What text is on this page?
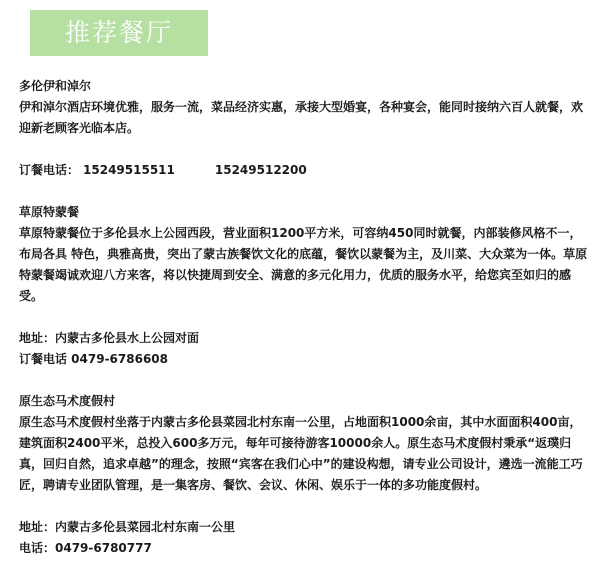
推荐餐厅

多伦伊和淖尔

伊和淖尔酒店环境优雅，服务一流，菜品经济实惠，承接大型婚宴，各种宴会，能同时接纳六百人就餐，欢迎新老顾客光临本店。

订餐电话： 15249515511	15249512200

草原特蒙餐

草原特蒙餐位于多伦县水上公园西段，营业面积1200平方米，可容纳450同时就餐，内部装修风格不一，布局各具 特色，典雅高贵，突出了蒙古族餐饮文化的底蕴，餐饮以蒙餐为主，及川菜、大众菜为一体。草原特蒙餐竭诚欢迎八方来客，将以快捷周到安全、满意的多元化用力，优质的服务水平，给您宾至如归的感受。

地址：内蒙古多伦县水上公园对面

订餐电话 0479-6786608

原生态马术度假村

原生态马术度假村坐落于内蒙古多伦县菜园北村东南一公里，占地面积1000余亩，其中水面面积400亩，建筑面积2400平米，总投入600多万元，每年可接待游客10000余人。原生态马术度假村秉承“返璞归真，回归自然，追求卓越”的理念，按照“宾客在我们心中”的建设构想，请专业公司设计，遴选一流能工巧匠，聘请专业团队管理，是一集客房、餐饮、会议、休闲、娱乐于一体的多功能度假村。

地址：内蒙古多伦县菜园北村东南一公里

电话：0479-6780777
